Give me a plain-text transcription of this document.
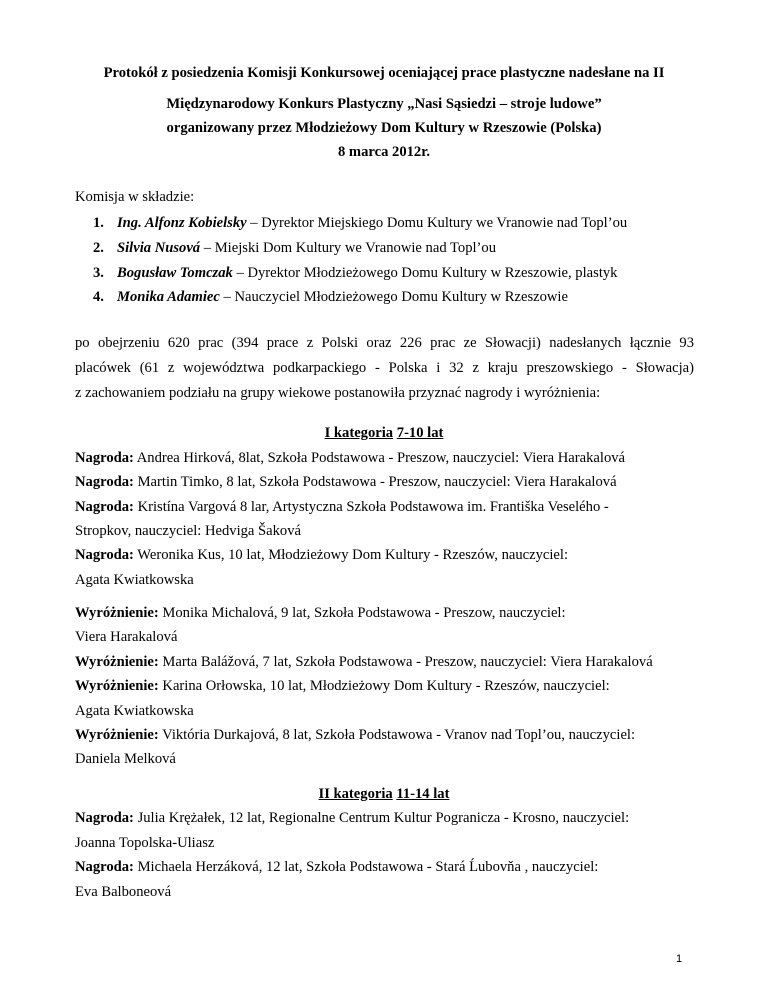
Protokół z posiedzenia Komisji Konkursowej oceniającej prace plastyczne nadesłane na II
Międzynarodowy Konkurs Plastyczny „Nasi Sąsiedzi – stroje ludowe”
organizowany przez Młodzieżowy Dom Kultury w Rzeszowie (Polska)
8 marca 2012r.
Komisja w składzie:
1. Ing. Alfonz Kobielsky – Dyrektor Miejskiego Domu Kultury we Vranowie nad Topl’ou
2. Silvia Nusová – Miejski Dom Kultury we Vranowie nad Topl’ou
3. Bogusław Tomczak – Dyrektor Młodzieżowego Domu Kultury w Rzeszowie, plastyk
4. Monika Adamiec – Nauczyciel Młodzieżowego Domu Kultury w Rzeszowie
po obejrzeniu 620 prac (394 prace z Polski oraz 226 prac ze Słowacji) nadesłanych łącznie 93
placówek (61 z województwa podkarpackiego - Polska i 32 z kraju preszowskiego - Słowacja)
z zachowaniem podziału na grupy wiekowe postanowiła przyznać nagrody i wyróżnienia:
I kategoria 7-10 lat
Nagroda: Andrea Hirková, 8lat, Szkoła Podstawowa - Preszow, nauczyciel: Viera Harakalová
Nagroda: Martin Timko, 8 lat, Szkoła Podstawowa - Preszow, nauczyciel: Viera Harakalová
Nagroda: Kristína Vargová 8 lar, Artystyczna Szkoła Podstawowa im. Františka Veselého -
Stropkov, nauczyciel: Hedviga Šaková
Nagroda: Weronika Kus, 10 lat, Młodzieżowy Dom Kultury - Rzeszów, nauczyciel:
Agata Kwiatkowska
Wyróżnienie: Monika Michalová, 9 lat, Szkoła Podstawowa - Preszow, nauczyciel:
Viera Harakalová
Wyróżnienie: Marta Balážová, 7 lat, Szkoła Podstawowa - Preszow, nauczyciel: Viera Harakalová
Wyróżnienie: Karina Orłowska, 10 lat, Młodzieżowy Dom Kultury - Rzeszów, nauczyciel:
Agata Kwiatkowska
Wyróżnienie: Viktória Durkajová, 8 lat, Szkoła Podstawowa - Vranov nad Topl’ou, nauczyciel:
Daniela Melková
II kategoria 11-14 lat
Nagroda: Julia Krężałek, 12 lat, Regionalne Centrum Kultur Pogranicza - Krosno, nauczyciel:
Joanna Topolska-Uliasz
Nagroda: Michaela Herzáková, 12 lat, Szkoła Podstawowa - Stará Ĺubovňa , nauczyciel:
Eva Balboneová
1
